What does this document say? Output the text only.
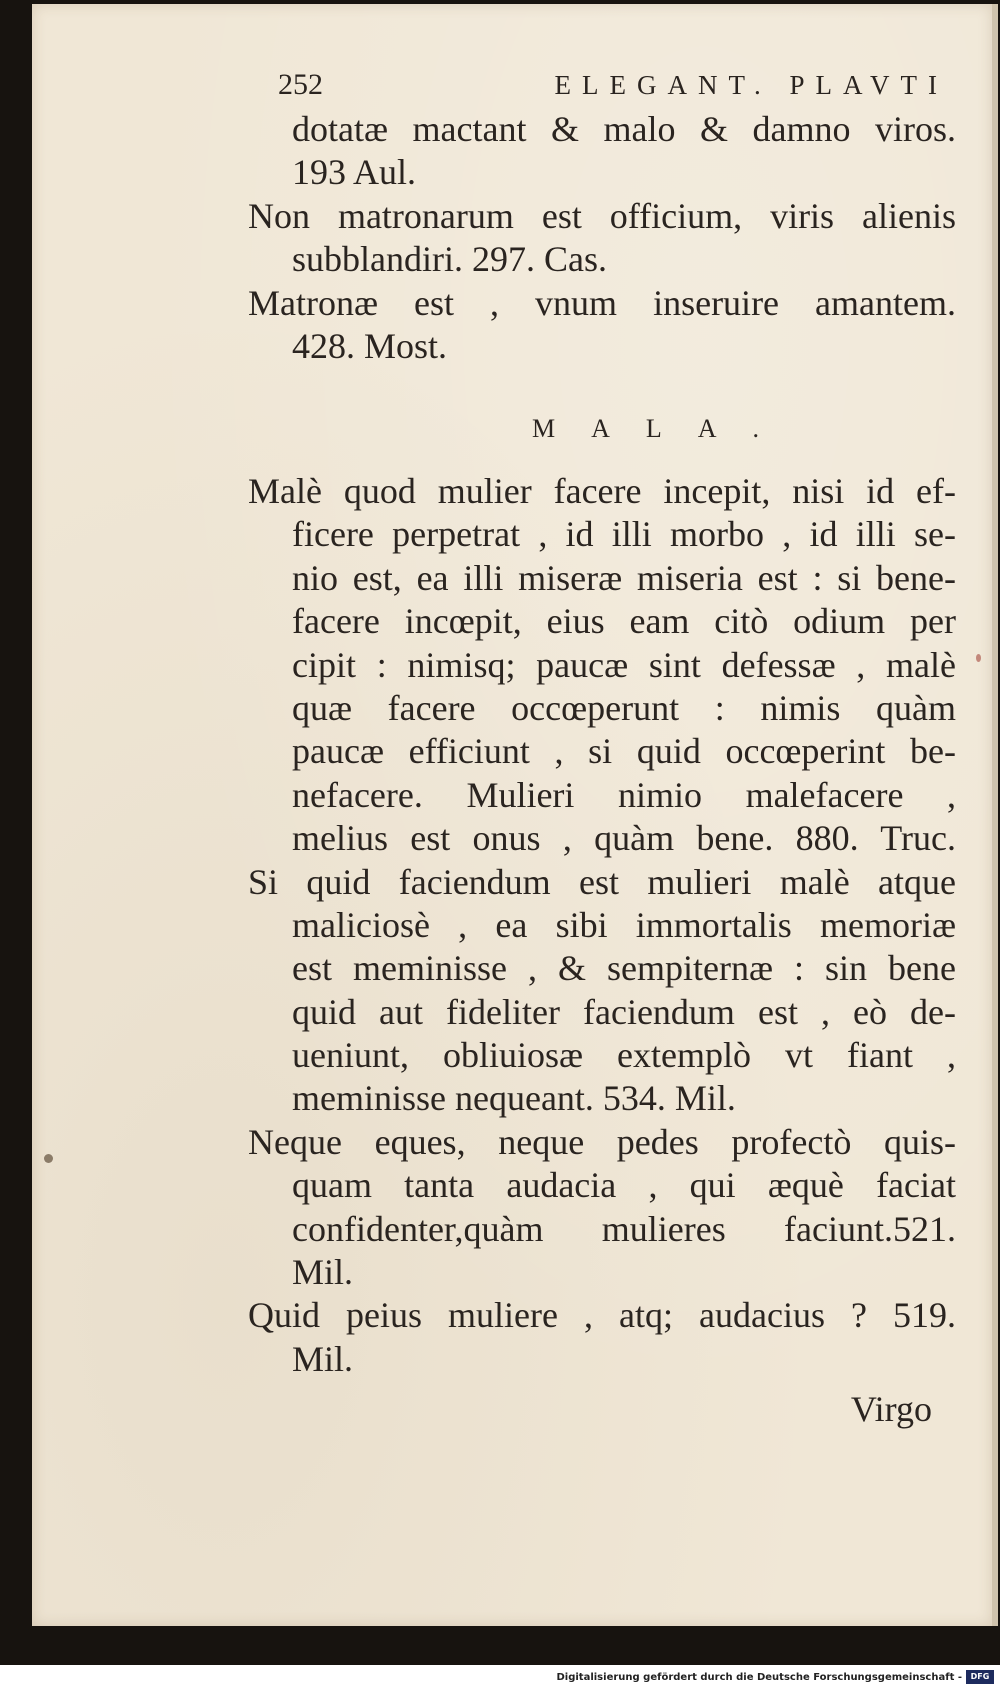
252	ELEGANT. PLAVTI
dotatæ mactant & malo & damno viros.
193 Aul.
Non matronarum est officium, viris alienis
subblandiri. 297. Cas.
Matronæ est , vnum inseruire amantem.
428. Most.
MALA.
Malè quod mulier facere incepit, nisi id ef-
ficere perpetrat , id illi morbo , id illi se-
nio est, ea illi miseræ miseria est : si bene-
facere incœpit, eius eam citò odium per
cipit : nimisq; paucæ sint defessæ , malè
quæ facere occœperunt : nimis quàm
paucæ efficiunt , si quid occœperint be-
nefacere. Mulieri nimio malefacere ,
melius est onus , quàm bene. 880. Truc.
Si quid faciendum est mulieri malè atque
maliciosè , ea sibi immortalis memoriæ
est meminisse , & sempiternæ : sin bene
quid aut fideliter faciendum est , eò de-
ueniunt, obliuiosæ extemplò vt fiant ,
meminisse nequeant. 534. Mil.
Neque eques, neque pedes profectò quis-
quam tanta audacia , qui æquè faciat
confidenter,quàm mulieres faciunt.521.
Mil.
Quid peius muliere , atq; audacius ? 519.
Mil.
Virgo
Digitalisierung gefördert durch die Deutsche Forschungsgemeinschaft -	DFG
